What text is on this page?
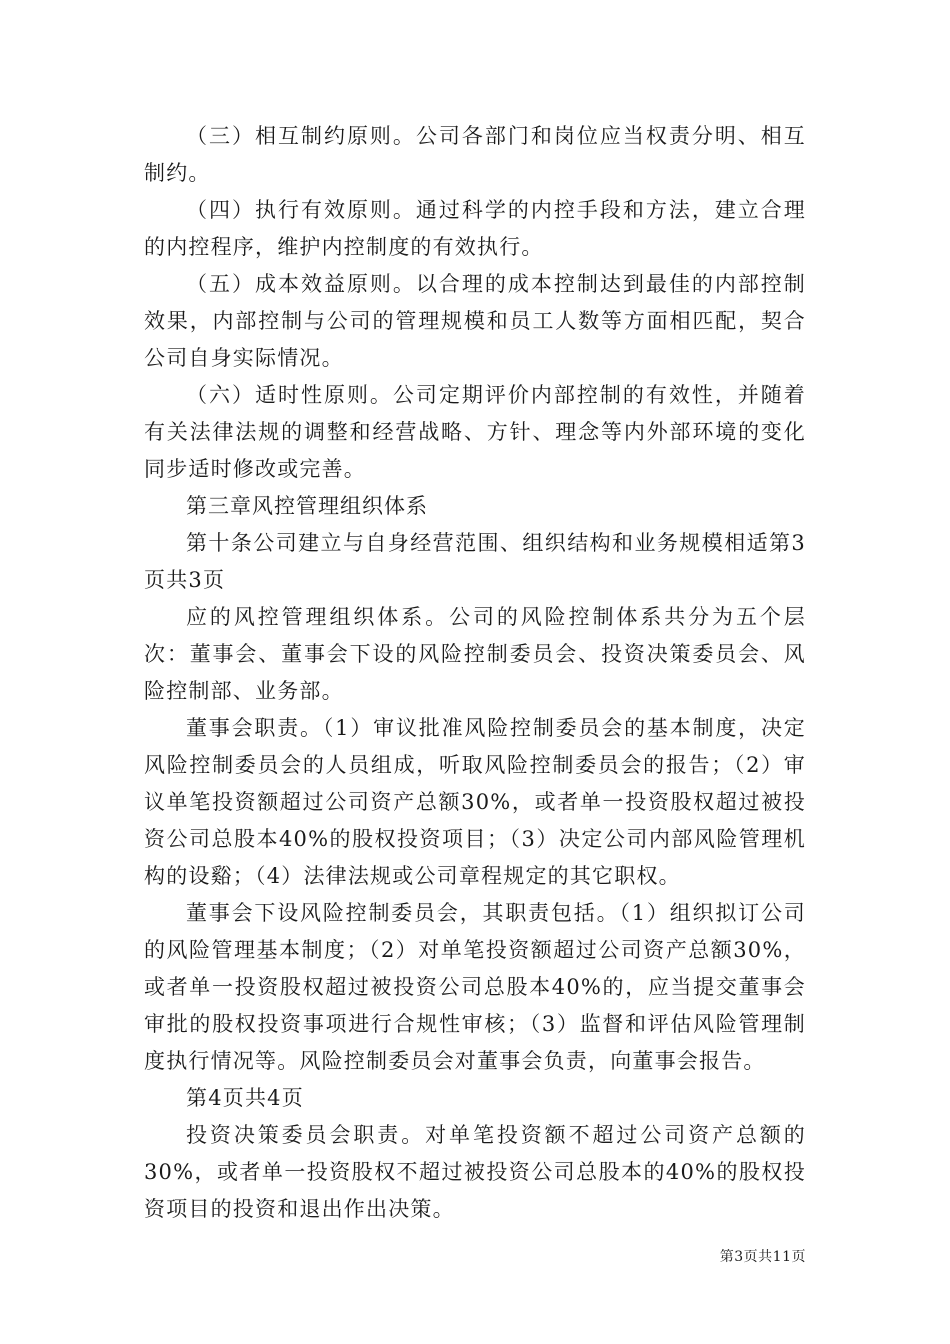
（三）相互制约原则。公司各部门和岗位应当权责分明、相互制约。

（四）执行有效原则。通过科学的内控手段和方法，建立合理的内控程序，维护内控制度的有效执行。

（五）成本效益原则。以合理的成本控制达到最佳的内部控制效果，内部控制与公司的管理规模和员工人数等方面相匹配，契合公司自身实际情况。

（六）适时性原则。公司定期评价内部控制的有效性，并随着有关法律法规的调整和经营战略、方针、理念等内外部环境的变化同步适时修改或完善。

第三章风控管理组织体系

第十条公司建立与自身经营范围、组织结构和业务规模相适第3页共3页

应的风控管理组织体系。公司的风险控制体系共分为五个层次：董事会、董事会下设的风险控制委员会、投资决策委员会、风险控制部、业务部。

董事会职责。（1）审议批准风险控制委员会的基本制度，决定风险控制委员会的人员组成，听取风险控制委员会的报告；（2）审议单笔投资额超过公司资产总额30%，或者单一投资股权超过被投资公司总股本40%的股权投资项目；（3）决定公司内部风险管理机构的设谿；（4）法律法规或公司章程规定的其它职权。

董事会下设风险控制委员会，其职责包括。（1）组织拟订公司的风险管理基本制度；（2）对单笔投资额超过公司资产总额30%，或者单一投资股权超过被投资公司总股本40%的，应当提交董事会审批的股权投资事项进行合规性审核；（3）监督和评估风险管理制度执行情况等。风险控制委员会对董事会负责，向董事会报告。

第4页共4页

投资决策委员会职责。对单笔投资额不超过公司资产总额的30%，或者单一投资股权不超过被投资公司总股本的40%的股权投资项目的投资和退出作出决策。

第3页共11页
